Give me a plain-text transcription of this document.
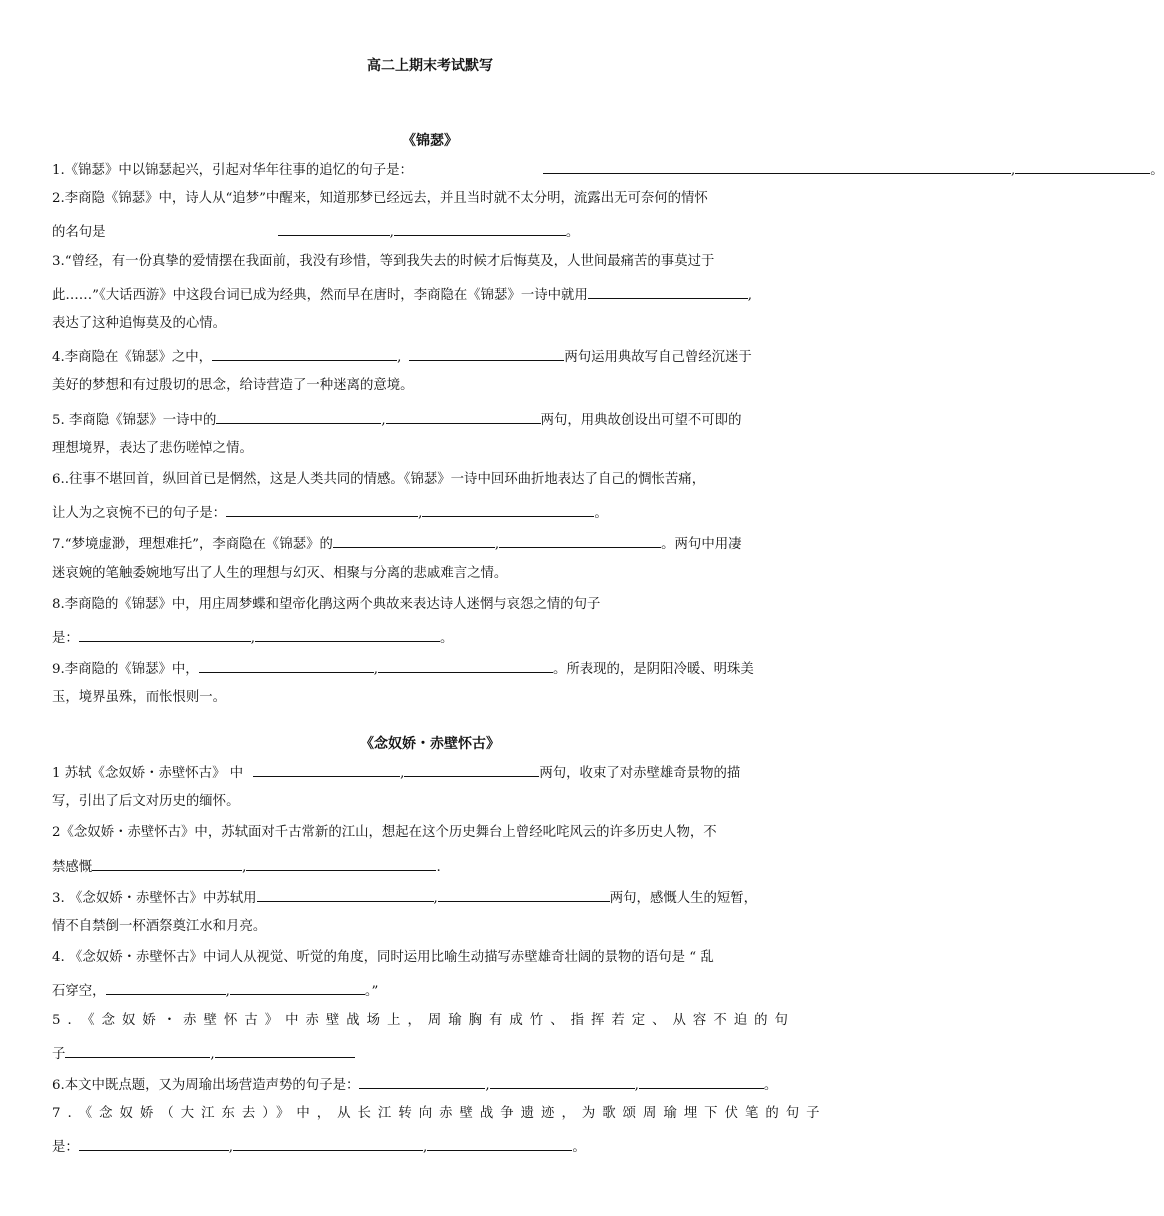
高二上期末考试默写
《锦瑟》
1.《锦瑟》中以锦瑟起兴，引起对华年往事的追忆的句子是：	,	。
2.李商隐《锦瑟》中，诗人从“追梦”中醒来，知道那梦已经远去，并且当时就不太分明，流露出无可奈何的情怀
的名句是	,	。
3.“曾经，有一份真挚的爱情摆在我面前，我没有珍惜，等到我失去的时候才后悔莫及，人世间最痛苦的事莫过于
此……”《大话西游》中这段台词已成为经典，然而早在唐时，李商隐在《锦瑟》一诗中就用	,
表达了这种追悔莫及的心情。
4.李商隐在《锦瑟》之中，	,	两句运用典故写自己曾经沉迷于
美好的梦想和有过殷切的思念，给诗营造了一种迷离的意境。
5. 李商隐《锦瑟》一诗中的	,	两句，用典故创设出可望不可即的
理想境界，表达了悲伤嗟悼之情。
6..往事不堪回首，纵回首已是惘然，这是人类共同的情感。《锦瑟》一诗中回环曲折地表达了自己的惆怅苦痛，
让人为之哀惋不已的句子是：	,	。
7.“梦境虚渺，理想难托”，李商隐在《锦瑟》的	,	。两句中用凄
迷哀婉的笔触委婉地写出了人生的理想与幻灭、相聚与分离的悲戚难言之情。
8.李商隐的《锦瑟》中，用庄周梦蝶和望帝化鹃这两个典故来表达诗人迷惘与哀怨之情的句子
是：	,	。
9.李商隐的《锦瑟》中，	,	。所表现的，是阴阳冷暖、明珠美
玉，境界虽殊，而怅恨则一。
《念奴娇・赤壁怀古》
1 苏轼《念奴娇・赤壁怀古》 中	,	两句，收束了对赤壁雄奇景物的描
写，引出了后文对历史的缅怀。
2《念奴娇・赤壁怀古》中，苏轼面对千古常新的江山，想起在这个历史舞台上曾经叱咤风云的许多历史人物，不
禁感慨	,	.
3. 《念奴娇・赤壁怀古》中苏轼用	,	两句，感慨人生的短暂，
情不自禁倒一杯酒祭奠江水和月亮。
4. 《念奴娇・赤壁怀古》中词人从视觉、听觉的角度，同时运用比喻生动描写赤壁雄奇壮阔的景物的语句是 “ 乱
石穿空，	,	。”
5．《念奴娇・赤壁怀古》中赤壁战场上，周瑜胸有成竹、指挥若定、从容不迫的句
子	,
6.本文中既点题，又为周瑜出场营造声势的句子是：	,	,	。
7.《念奴娇（大江东去）》中，从长江转向赤壁战争遗迹，为歌颂周瑜埋下伏笔的句子
是：	,	,	。
